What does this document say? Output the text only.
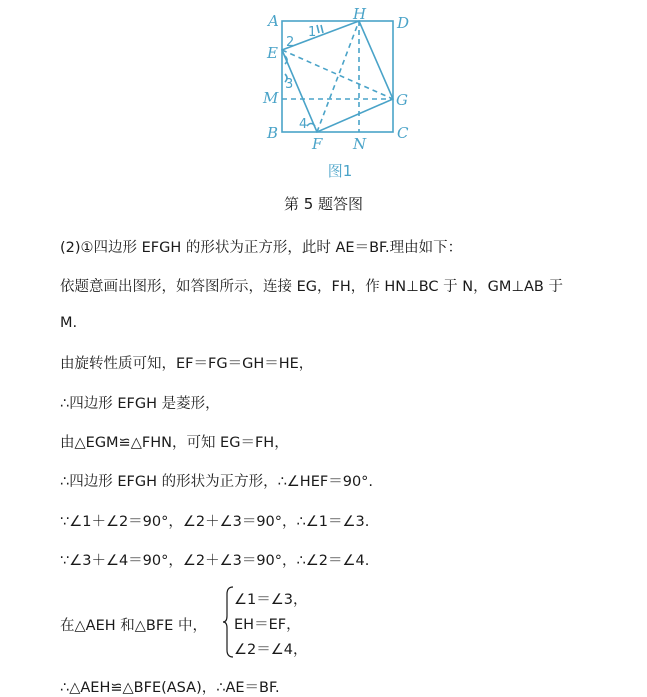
A	H D
E
M	G
B
F N
C
1
2
3
4
图1
第 5 题答图
(2)①四边形 EFGH 的形状为正方形，此时 AE＝BF.理由如下：
依题意画出图形，如答图所示，连接 EG，FH，作 HN⊥BC 于 N，GM⊥AB 于
M.
由旋转性质可知，EF＝FG＝GH＝HE，
∴四边形 EFGH 是菱形，
由△EGM≌△FHN，可知 EG＝FH，
∴四边形 EFGH 的形状为正方形，∴∠HEF＝90°.
∵∠1＋∠2＝90°，∠2＋∠3＝90°，∴∠1＝∠3.
∵∠3＋∠4＝90°，∠2＋∠3＝90°，∴∠2＝∠4.
在△AEH 和△BFE 中，
∠1＝∠3，
EH＝EF，
∠2＝∠4，
∴△AEH≌△BFE(ASA)，∴AE＝BF.
